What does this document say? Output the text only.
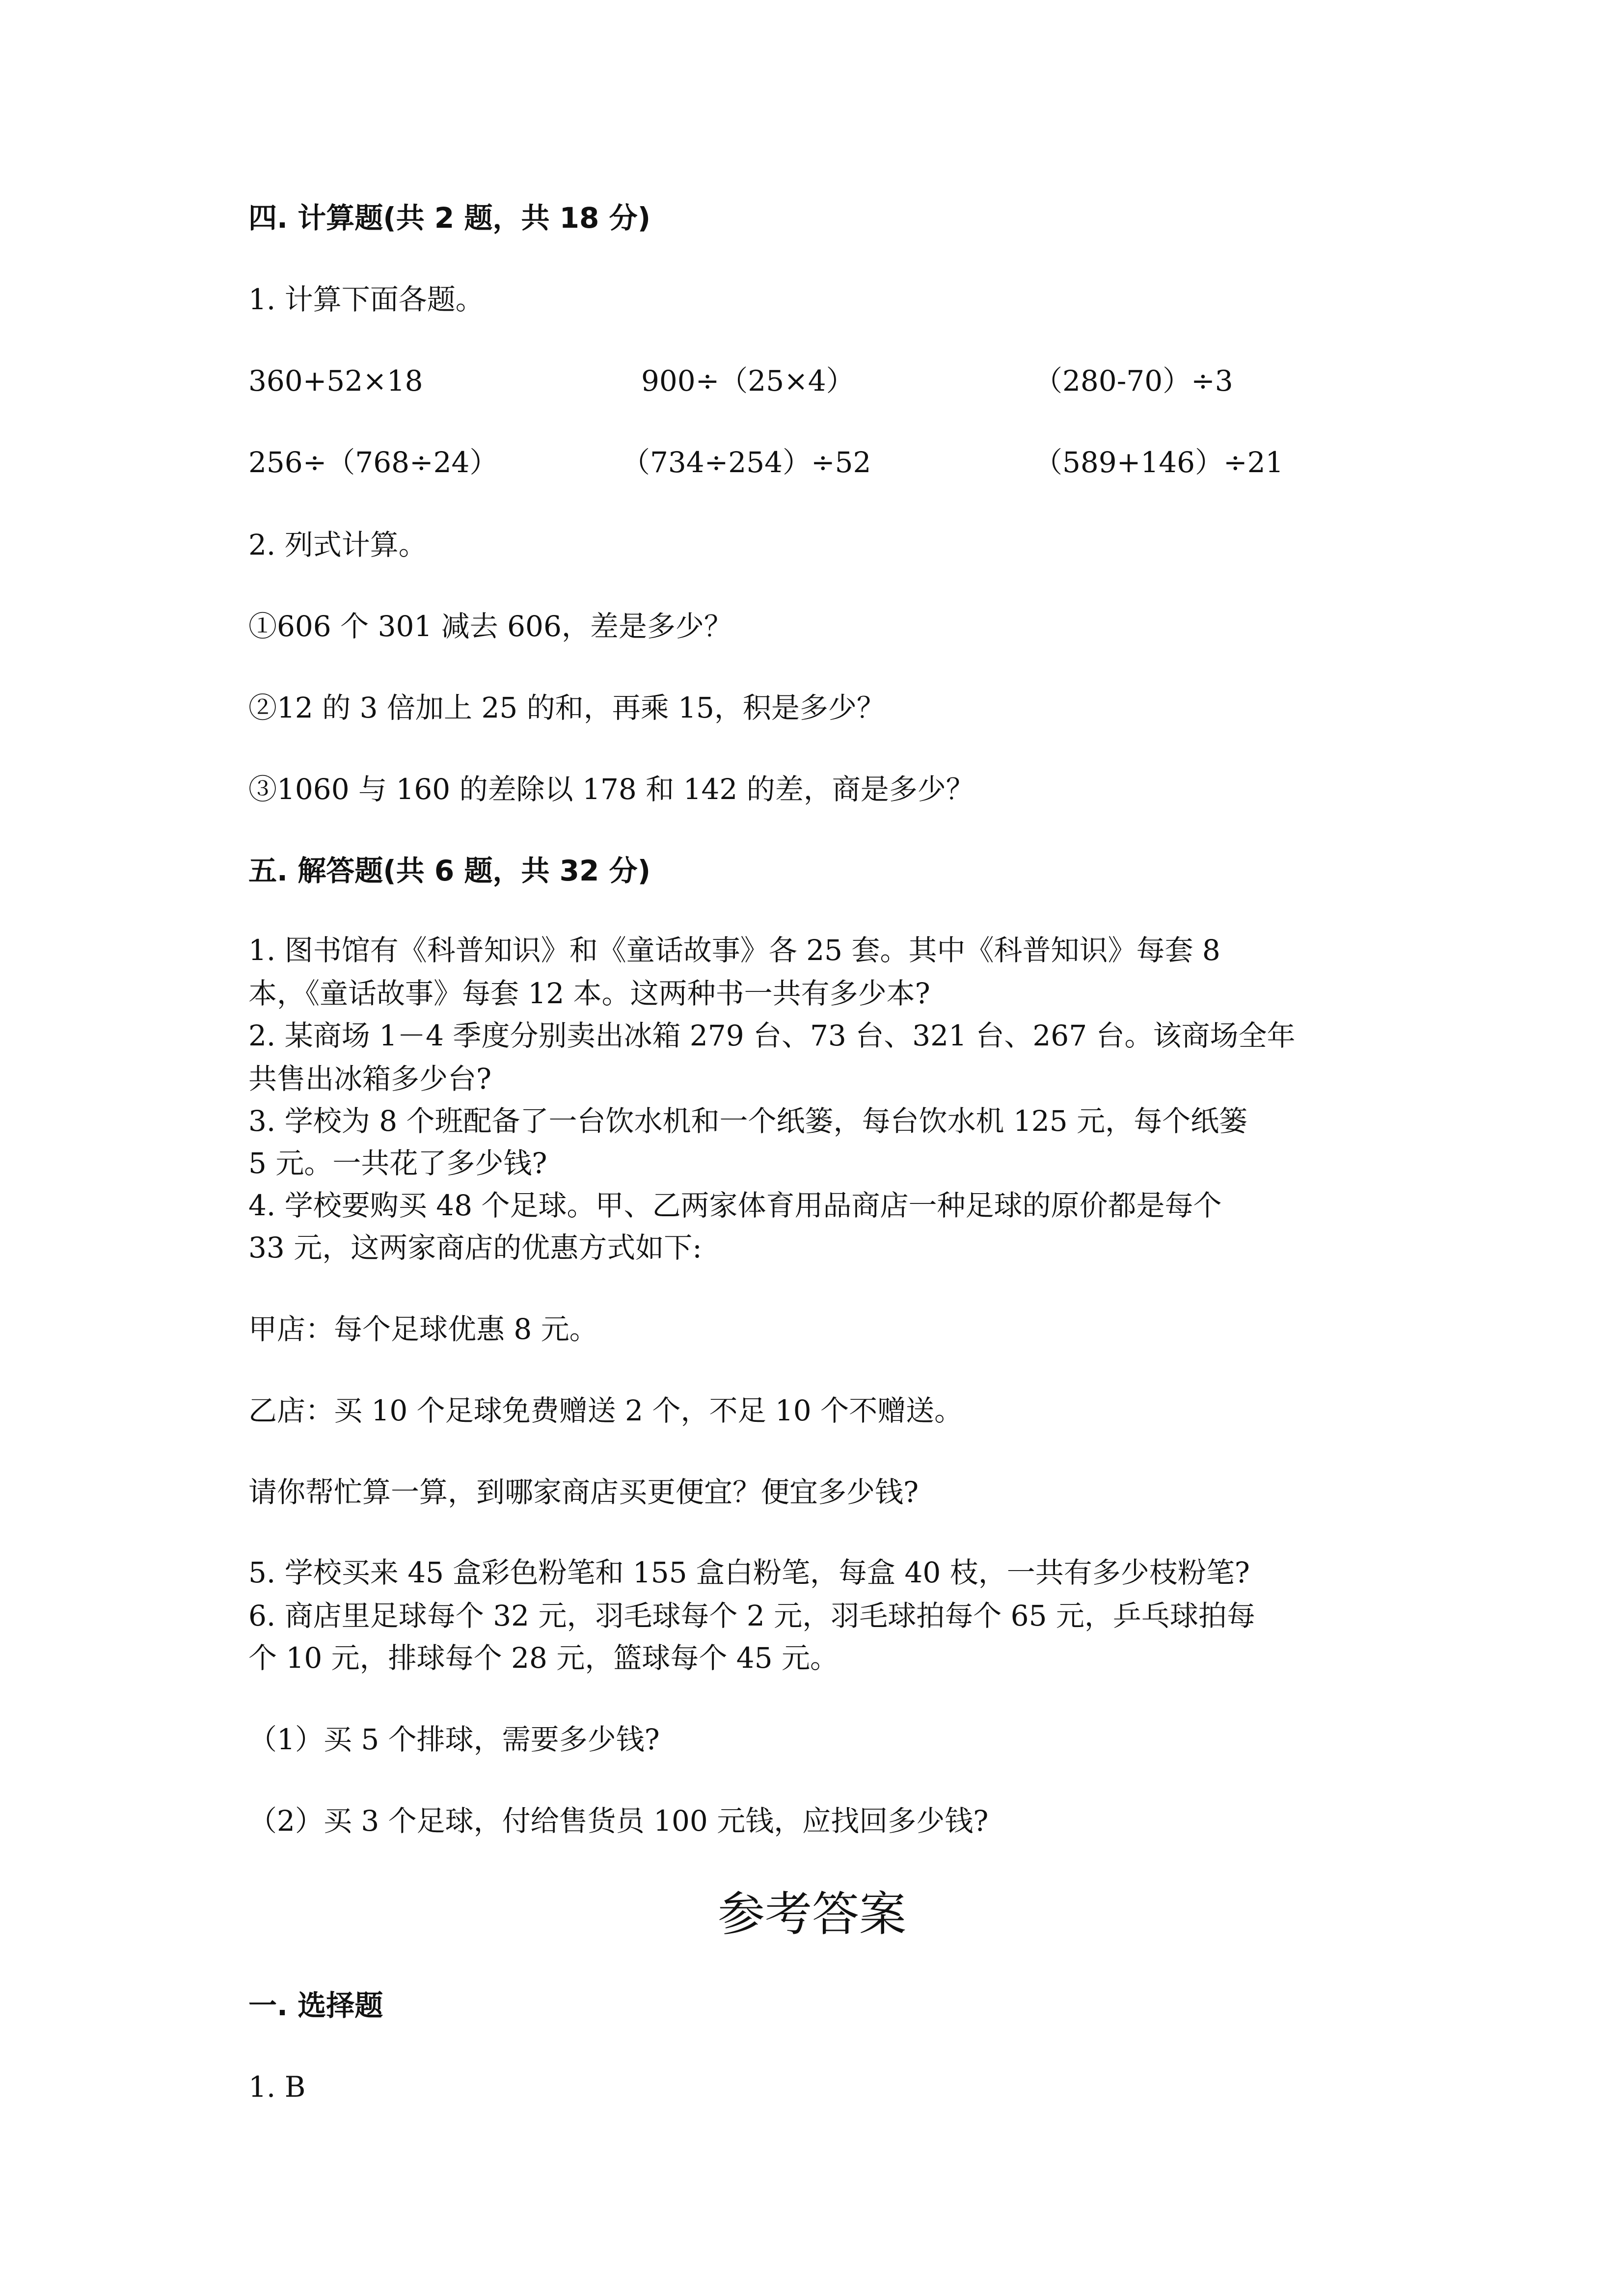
四. 计算题(共 2 题，共 18 分)
1. 计算下面各题。
360+52×18	900÷（25×4）	（280-70）÷3
256÷（768÷24）	（734÷254）÷52	（589+146）÷21
2. 列式计算。
①606 个 301 减去 606，差是多少？
②12 的 3 倍加上 25 的和，再乘 15，积是多少？
③1060 与 160 的差除以 178 和 142 的差，商是多少？
五. 解答题(共 6 题，共 32 分)
1. 图书馆有《科普知识》和《童话故事》各 25 套。其中《科普知识》每套 8
本，《童话故事》每套 12 本。这两种书一共有多少本?
2. 某商场 1－4 季度分别卖出冰箱 279 台、73 台、321 台、267 台。该商场全年
共售出冰箱多少台?
3. 学校为 8 个班配备了一台饮水机和一个纸篓，每台饮水机 125 元，每个纸篓
5 元。一共花了多少钱?
4. 学校要购买 48 个足球。甲、乙两家体育用品商店一种足球的原价都是每个
33 元，这两家商店的优惠方式如下:
甲店：每个足球优惠 8 元。
乙店：买 10 个足球免费赠送 2 个，不足 10 个不赠送。
请你帮忙算一算，到哪家商店买更便宜？便宜多少钱?
5. 学校买来 45 盒彩色粉笔和 155 盒白粉笔，每盒 40 枝，一共有多少枝粉笔?
6. 商店里足球每个 32 元，羽毛球每个 2 元，羽毛球拍每个 65 元，乒乓球拍每
个 10 元，排球每个 28 元，篮球每个 45 元。
（1）买 5 个排球，需要多少钱?
（2）买 3 个足球，付给售货员 100 元钱，应找回多少钱?
参考答案
一. 选择题
1. B
